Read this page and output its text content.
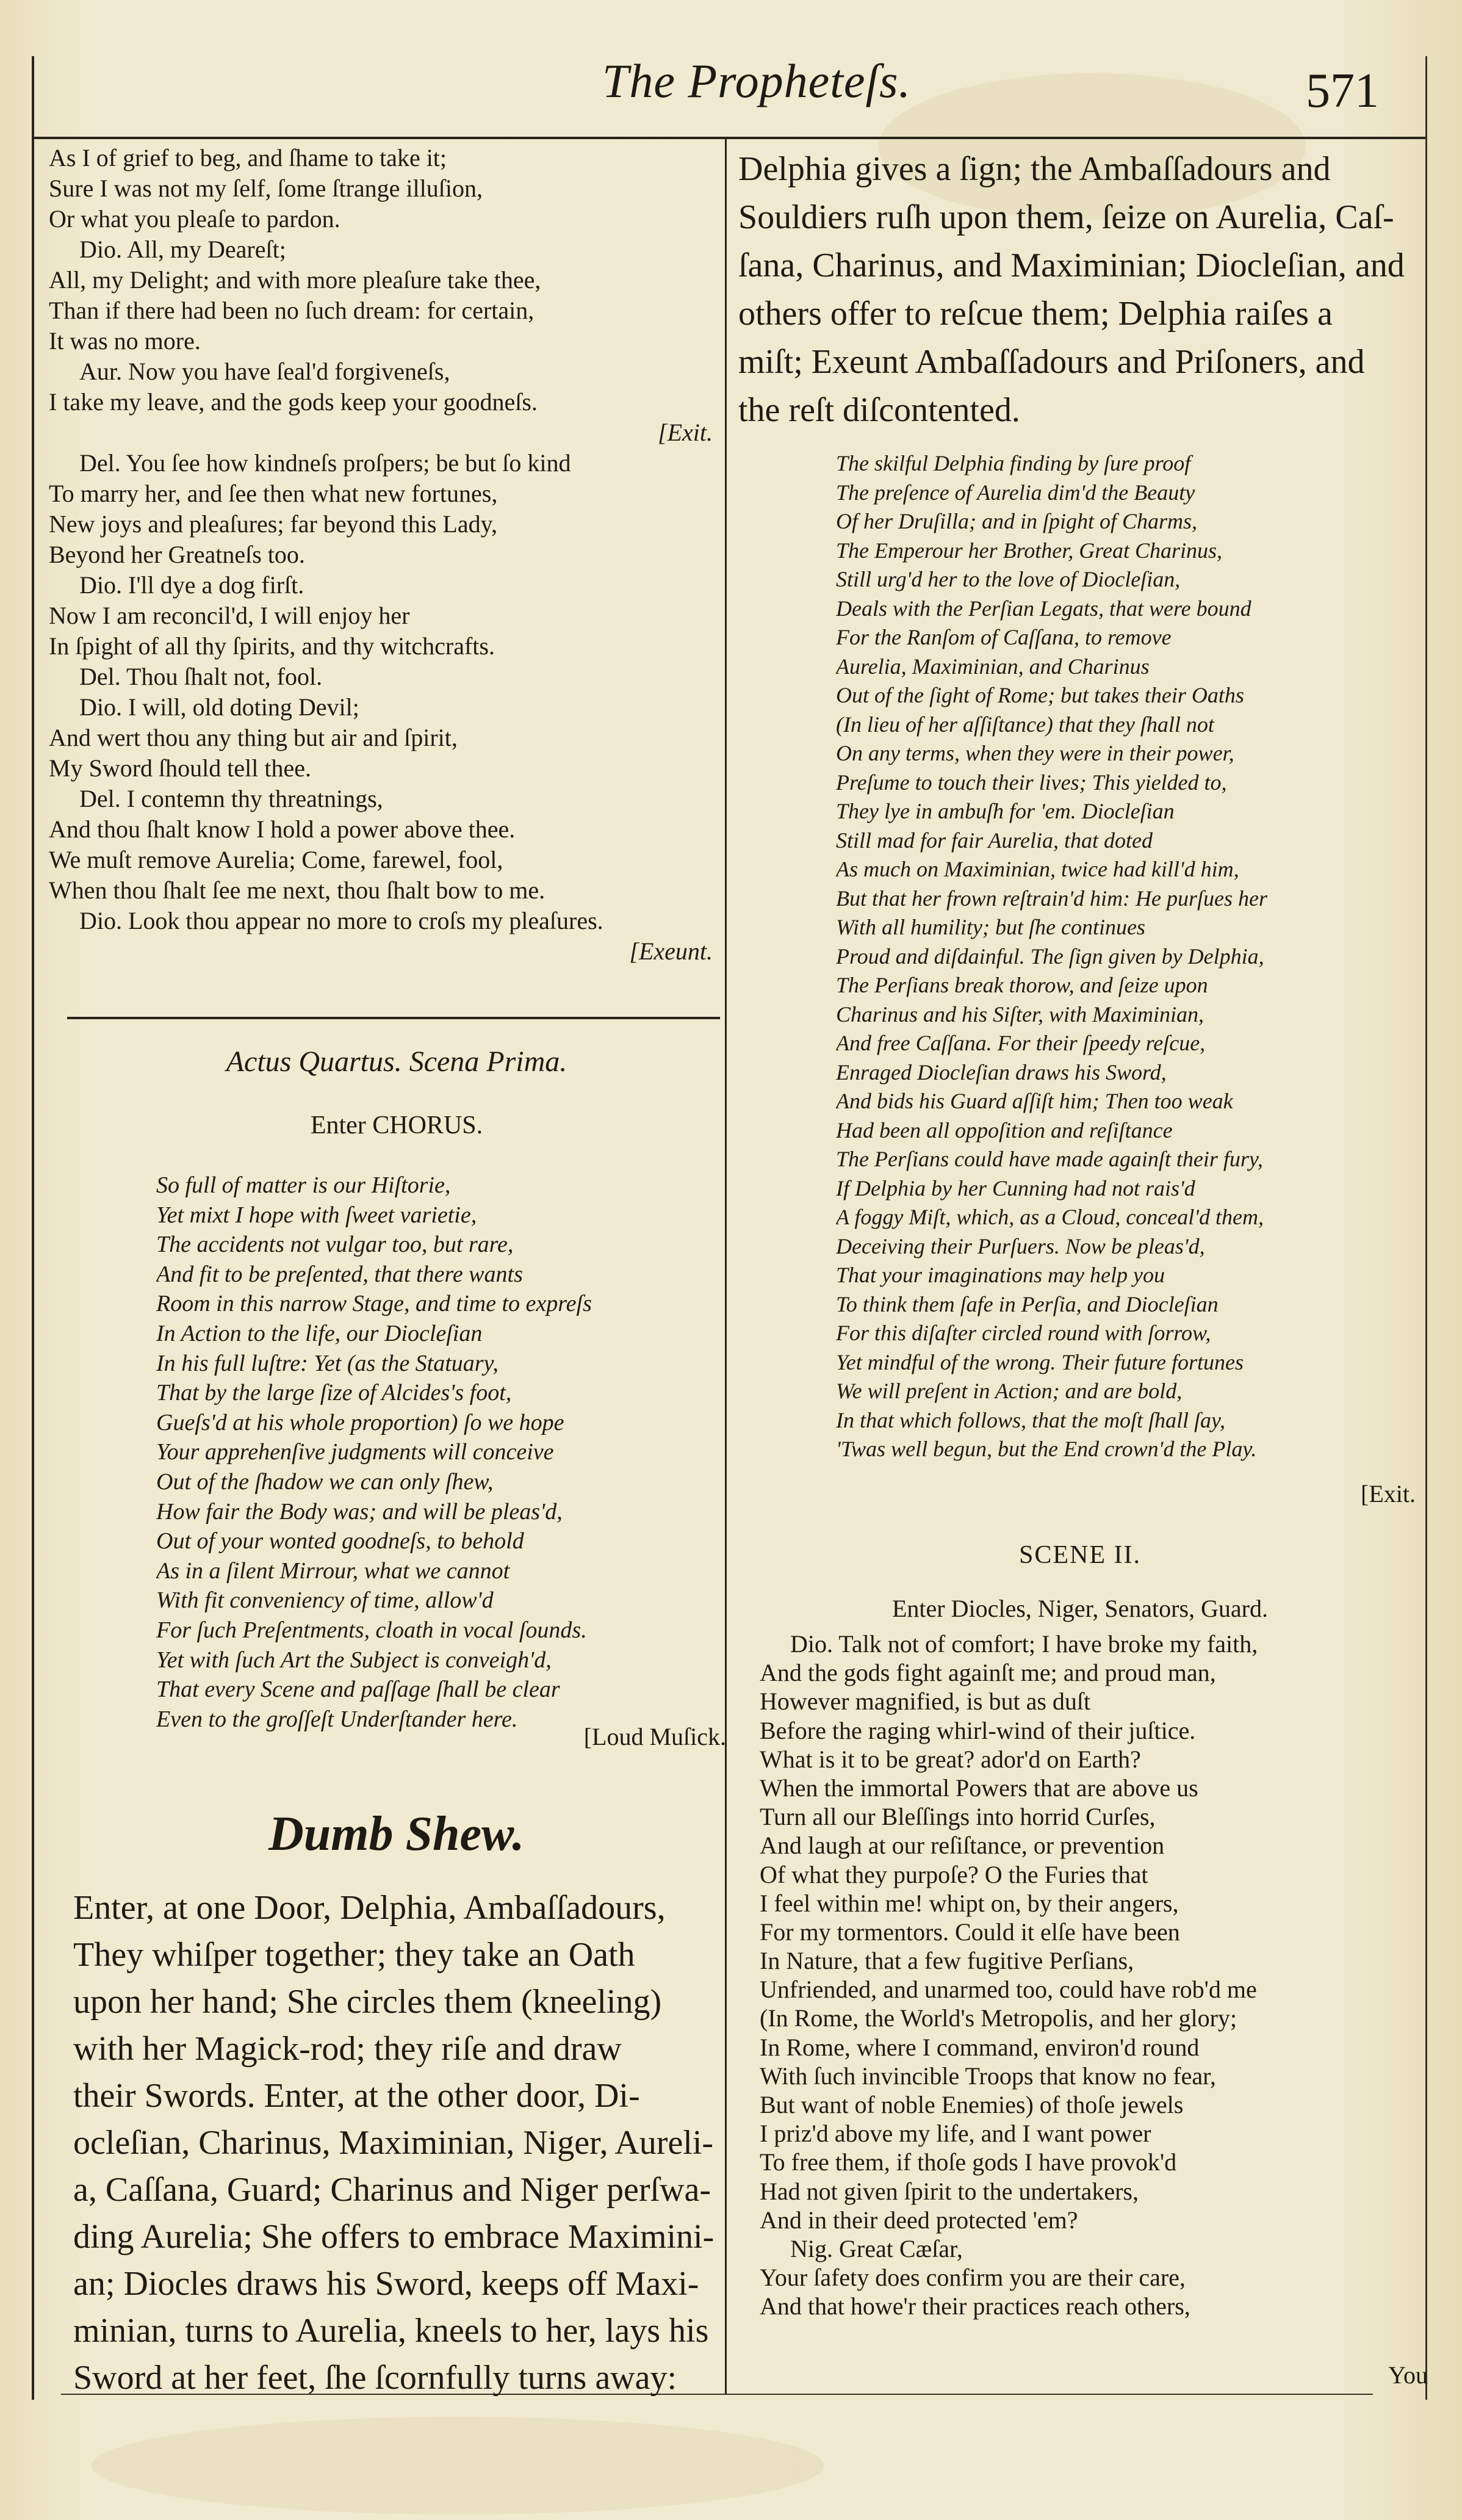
The Propheteſs.	571
As I of grief to beg, and ſhame to take it;
Sure I was not my ſelf, ſome ſtrange illuſion,
Or what you pleaſe to pardon.
Dio. All, my Deareſt;
All, my Delight; and with more pleaſure take thee,
Than if there had been no ſuch dream: for certain,
It was no more.
Aur. Now you have ſeal'd forgiveneſs,
I take my leave, and the gods keep your goodneſs.
[Exit.
Del. You ſee how kindneſs proſpers; be but ſo kind
To marry her, and ſee then what new fortunes,
New joys and pleaſures; far beyond this Lady,
Beyond her Greatneſs too.
Dio. I'll dye a dog firſt.
Now I am reconcil'd, I will enjoy her
In ſpight of all thy ſpirits, and thy witchcrafts.
Del. Thou ſhalt not, fool.
Dio. I will, old doting Devil;
And wert thou any thing but air and ſpirit,
My Sword ſhould tell thee.
Del. I contemn thy threatnings,
And thou ſhalt know I hold a power above thee.
We muſt remove Aurelia; Come, farewel, fool,
When thou ſhalt ſee me next, thou ſhalt bow to me.
Dio. Look thou appear no more to croſs my pleaſures.
[Exeunt.
Actus Quartus. Scena Prima.
Enter CHORUS.
So full of matter is our Hiſtorie,
Yet mixt I hope with ſweet varietie,
The accidents not vulgar too, but rare,
And fit to be preſented, that there wants
Room in this narrow Stage, and time to expreſs
In Action to the life, our Diocleſian
In his full luſtre: Yet (as the Statuary,
That by the large ſize of Alcides's foot,
Gueſs'd at his whole proportion) ſo we hope
Your apprehenſive judgments will conceive
Out of the ſhadow we can only ſhew,
How fair the Body was; and will be pleas'd,
Out of your wonted goodneſs, to behold
As in a ſilent Mirrour, what we cannot
With fit conveniency of time, allow'd
For ſuch Preſentments, cloath in vocal ſounds.
Yet with ſuch Art the Subject is conveigh'd,
That every Scene and paſſage ſhall be clear
Even to the groſſeſt Underſtander here.
[Loud Muſick.
Dumb Shew.
Enter, at one Door, Delphia, Ambaſſadours,
They whiſper together; they take an Oath
upon her hand; She circles them (kneeling)
with her Magick-rod; they riſe and draw
their Swords. Enter, at the other door, Di-
ocleſian, Charinus, Maximinian, Niger, Aureli-
a, Caſſana, Guard; Charinus and Niger perſwa-
ding Aurelia; She offers to embrace Maximini-
an; Diocles draws his Sword, keeps off Maxi-
minian, turns to Aurelia, kneels to her, lays his
Sword at her feet, ſhe ſcornfully turns away:
Delphia gives a ſign; the Ambaſſadours and
Souldiers ruſh upon them, ſeize on Aurelia, Caſ-
ſana, Charinus, and Maximinian; Diocleſian, and
others offer to reſcue them; Delphia raiſes a
miſt; Exeunt Ambaſſadours and Priſoners, and
the reſt diſcontented.
The skilful Delphia finding by ſure proof
The preſence of Aurelia dim'd the Beauty
Of her Druſilla; and in ſpight of Charms,
The Emperour her Brother, Great Charinus,
Still urg'd her to the love of Diocleſian,
Deals with the Perſian Legats, that were bound
For the Ranſom of Caſſana, to remove
Aurelia, Maximinian, and Charinus
Out of the ſight of Rome; but takes their Oaths
(In lieu of her aſſiſtance) that they ſhall not
On any terms, when they were in their power,
Preſume to touch their lives; This yielded to,
They lye in ambuſh for 'em. Diocleſian
Still mad for fair Aurelia, that doted
As much on Maximinian, twice had kill'd him,
But that her frown reſtrain'd him: He purſues her
With all humility; but ſhe continues
Proud and diſdainful. The ſign given by Delphia,
The Perſians break thorow, and ſeize upon
Charinus and his Siſter, with Maximinian,
And free Caſſana. For their ſpeedy reſcue,
Enraged Diocleſian draws his Sword,
And bids his Guard aſſiſt him; Then too weak
Had been all oppoſition and reſiſtance
The Perſians could have made againſt their fury,
If Delphia by her Cunning had not rais'd
A foggy Miſt, which, as a Cloud, conceal'd them,
Deceiving their Purſuers. Now be pleas'd,
That your imaginations may help you
To think them ſafe in Perſia, and Diocleſian
For this diſaſter circled round with ſorrow,
Yet mindful of the wrong. Their future fortunes
We will preſent in Action; and are bold,
In that which follows, that the moſt ſhall ſay,
'Twas well begun, but the End crown'd the Play.
[Exit.
SCENE II.
Enter Diocles, Niger, Senators, Guard.
Dio. Talk not of comfort; I have broke my faith,
And the gods fight againſt me; and proud man,
However magnified, is but as duſt
Before the raging whirl-wind of their juſtice.
What is it to be great? ador'd on Earth?
When the immortal Powers that are above us
Turn all our Bleſſings into horrid Curſes,
And laugh at our reſiſtance, or prevention
Of what they purpoſe? O the Furies that
I feel within me! whipt on, by their angers,
For my tormentors. Could it elſe have been
In Nature, that a few fugitive Perſians,
Unfriended, and unarmed too, could have rob'd me
(In Rome, the World's Metropolis, and her glory;
In Rome, where I command, environ'd round
With ſuch invincible Troops that know no fear,
But want of noble Enemies) of thoſe jewels
I priz'd above my life, and I want power
To free them, if thoſe gods I have provok'd
Had not given ſpirit to the undertakers,
And in their deed protected 'em?
Nig. Great Cæſar,
Your ſafety does confirm you are their care,
And that howe'r their practices reach others,
You
